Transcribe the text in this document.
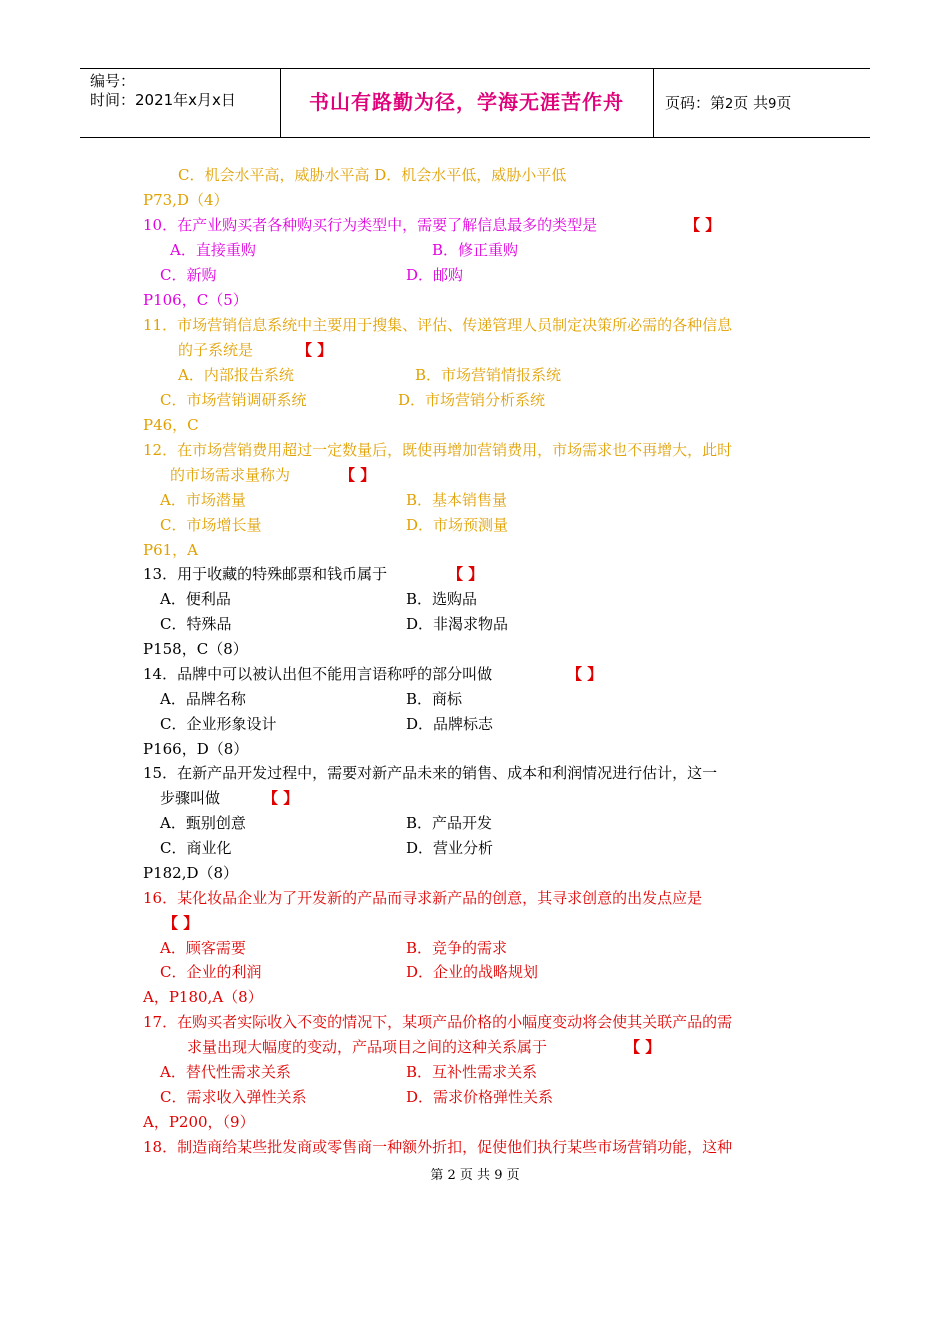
编号：
时间：2021年x月x日	书山有路勤为径，学海无涯苦作舟	页码：第2页 共9页
C．机会水平高，威胁水平高 D．机会水平低，威胁小平低
P73,D（4）
10．在产业购买者各种购买行为类型中，需要了解信息最多的类型是	【 】
A．直接重购	B．修正重购
C．新购	D．邮购
P106，C（5）
11．市场营销信息系统中主要用于搜集、评估、传递管理人员制定决策所必需的各种信息
的子系统是	【 】
A．内部报告系统	B．市场营销情报系统
C．市场营销调研系统	D．市场营销分析系统
P46，C
12．在市场营销费用超过一定数量后，既使再增加营销费用，市场需求也不再增大，此时
的市场需求量称为	【 】
A．市场潜量	B．基本销售量
C．市场增长量	D．市场预测量
P61，A
13．用于收藏的特殊邮票和钱币属于	【 】
A．便利品	B．选购品
C．特殊品	D．非渴求物品
P158，C（8）
14．品牌中可以被认出但不能用言语称呼的部分叫做	【 】
A．品牌名称	B．商标
C．企业形象设计	D．品牌标志
P166，D（8）
15．在新产品开发过程中，需要对新产品未来的销售、成本和利润情况进行估计，这一
步骤叫做	【 】
A．甄别创意	B．产品开发
C．商业化	D．营业分析
P182,D（8）
16．某化妆品企业为了开发新的产品而寻求新产品的创意，其寻求创意的出发点应是
【 】
A．顾客需要	B．竞争的需求
C．企业的利润	D．企业的战略规划
A，P180,A（8）
17．在购买者实际收入不变的情况下，某项产品价格的小幅度变动将会使其关联产品的需
求量出现大幅度的变动，产品项目之间的这种关系属于	【 】
A．替代性需求关系	B．互补性需求关系
C．需求收入弹性关系	D．需求价格弹性关系
A，P200，（9）
18．制造商给某些批发商或零售商一种额外折扣，促使他们执行某些市场营销功能，这种
第 2 页 共 9 页
